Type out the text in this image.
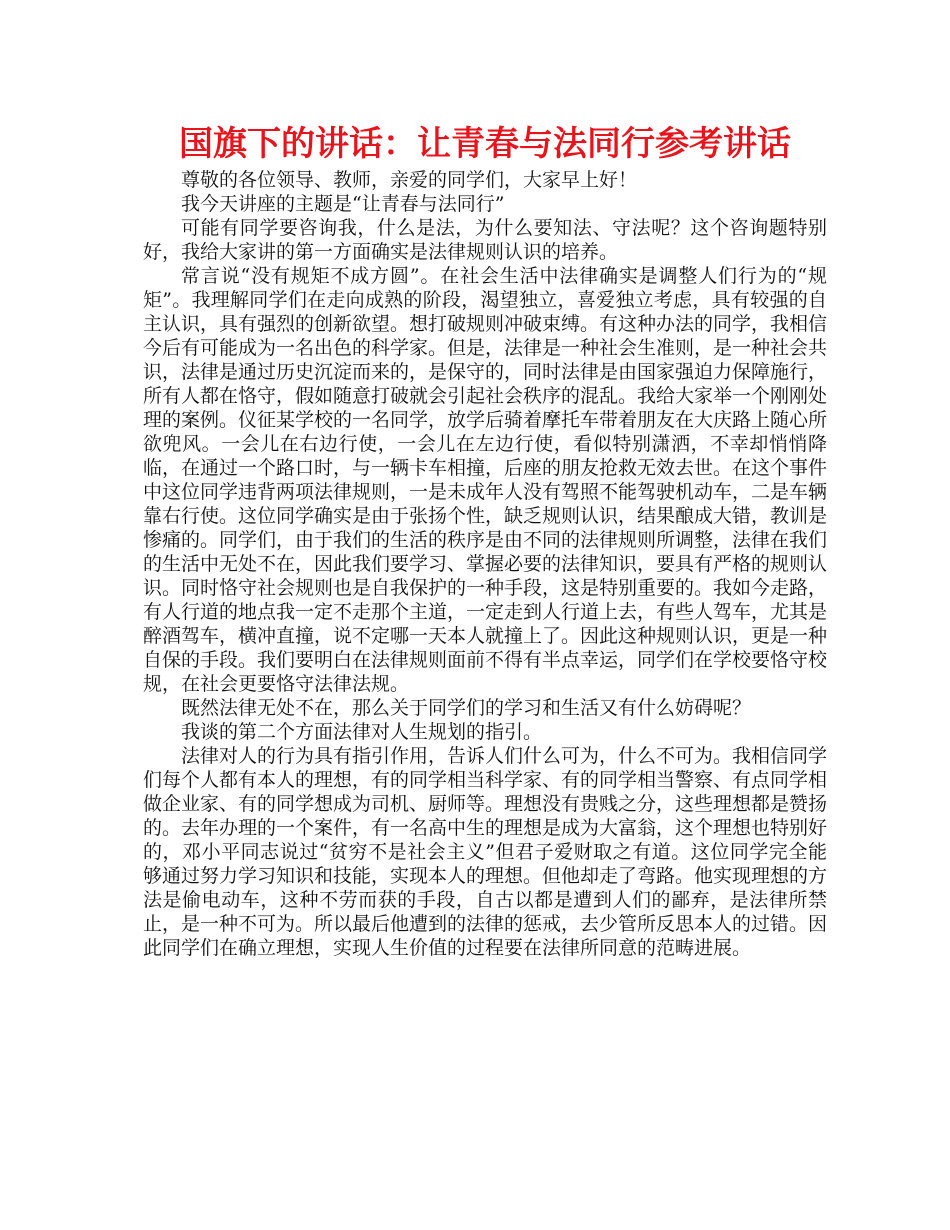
国旗下的讲话：让青春与法同行参考讲话

尊敬的各位领导、教师，亲爱的同学们，大家早上好！

我今天讲座的主题是“让青春与法同行”

可能有同学要咨询我，什么是法，为什么要知法、守法呢？这个咨询题特别好，我给大家讲的第一方面确实是法律规则认识的培养。

常言说“没有规矩不成方圆”。在社会生活中法律确实是调整人们行为的“规矩”。我理解同学们在走向成熟的阶段，渴望独立，喜爱独立考虑，具有较强的自主认识，具有强烈的创新欲望。想打破规则冲破束缚。有这种办法的同学，我相信今后有可能成为一名出色的科学家。但是，法律是一种社会生准则，是一种社会共识，法律是通过历史沉淀而来的，是保守的，同时法律是由国家强迫力保障施行，所有人都在恪守，假如随意打破就会引起社会秩序的混乱。我给大家举一个刚刚处理的案例。仪征某学校的一名同学，放学后骑着摩托车带着朋友在大庆路上随心所欲兜风。一会儿在右边行使，一会儿在左边行使，看似特别潇洒，不幸却悄悄降临，在通过一个路口时，与一辆卡车相撞，后座的朋友抢救无效去世。在这个事件中这位同学违背两项法律规则，一是未成年人没有驾照不能驾驶机动车，二是车辆靠右行使。这位同学确实是由于张扬个性，缺乏规则认识，结果酿成大错，教训是惨痛的。同学们，由于我们的生活的秩序是由不同的法律规则所调整，法律在我们的生活中无处不在，因此我们要学习、掌握必要的法律知识，要具有严格的规则认识。同时恪守社会规则也是自我保护的一种手段，这是特别重要的。我如今走路，有人行道的地点我一定不走那个主道，一定走到人行道上去，有些人驾车，尤其是醉酒驾车，横冲直撞，说不定哪一天本人就撞上了。因此这种规则认识，更是一种自保的手段。我们要明白在法律规则面前不得有半点幸运，同学们在学校要恪守校规，在社会更要恪守法律法规。

既然法律无处不在，那么关于同学们的学习和生活又有什么妨碍呢？

我谈的第二个方面法律对人生规划的指引。

法律对人的行为具有指引作用，告诉人们什么可为，什么不可为。我相信同学们每个人都有本人的理想，有的同学相当科学家、有的同学相当警察、有点同学相做企业家、有的同学想成为司机、厨师等。理想没有贵贱之分，这些理想都是赞扬的。去年办理的一个案件，有一名高中生的理想是成为大富翁，这个理想也特别好的，邓小平同志说过“贫穷不是社会主义”但君子爱财取之有道。这位同学完全能够通过努力学习知识和技能，实现本人的理想。但他却走了弯路。他实现理想的方法是偷电动车，这种不劳而获的手段，自古以都是遭到人们的鄙弃，是法律所禁止，是一种不可为。所以最后他遭到的法律的惩戒，去少管所反思本人的过错。因此同学们在确立理想，实现人生价值的过程要在法律所同意的范畴进展。
